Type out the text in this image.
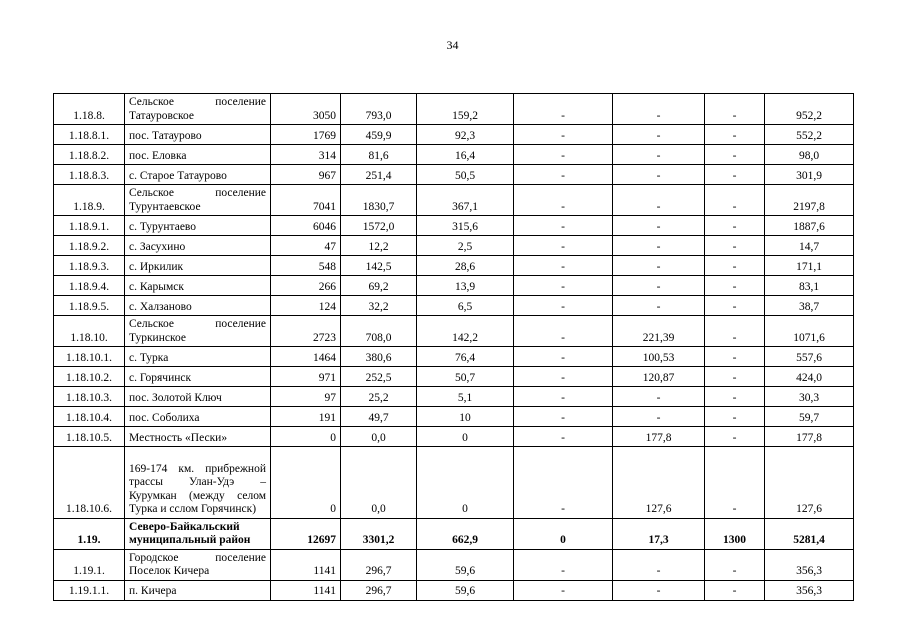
34
1.18.8.	Сельское поселение Татауровское	3050	793,0	159,2	-	-	-	952,2
1.18.8.1.	пос. Татаурово	1769	459,9	92,3	-	-	-	552,2
1.18.8.2.	пос. Еловка	314	81,6	16,4	-	-	-	98,0
1.18.8.3.	с. Старое Татаурово	967	251,4	50,5	-	-	-	301,9
1.18.9.	Сельское поселение Турунтаевское	7041	1830,7	367,1	-	-	-	2197,8
1.18.9.1.	с. Турунтаево	6046	1572,0	315,6	-	-	-	1887,6
1.18.9.2.	с. Засухино	47	12,2	2,5	-	-	-	14,7
1.18.9.3.	с. Иркилик	548	142,5	28,6	-	-	-	171,1
1.18.9.4.	с. Карымск	266	69,2	13,9	-	-	-	83,1
1.18.9.5.	с. Халзаново	124	32,2	6,5	-	-	-	38,7
1.18.10.	Сельское поселение Туркинское	2723	708,0	142,2	-	221,39	-	1071,6
1.18.10.1.	с. Турка	1464	380,6	76,4	-	100,53	-	557,6
1.18.10.2.	с. Горячинск	971	252,5	50,7	-	120,87	-	424,0
1.18.10.3.	пос. Золотой Ключ	97	25,2	5,1	-	-	-	30,3
1.18.10.4.	пос. Соболиха	191	49,7	10	-	-	-	59,7
1.18.10.5.	Местность «Пески»	0	0,0	0	-	177,8	-	177,8
1.18.10.6.	169-174 км. прибрежной трассы Улан-Удэ – Курумкан (между селом Турка и сслом Горячинск)	0	0,0	0	-	127,6	-	127,6
1.19.	Северо-Байкальский муниципальный район	12697	3301,2	662,9	0	17,3	1300	5281,4
1.19.1.	Городское поселение Поселок Кичера	1141	296,7	59,6	-	-	-	356,3
1.19.1.1.	п. Кичера	1141	296,7	59,6	-	-	-	356,3
